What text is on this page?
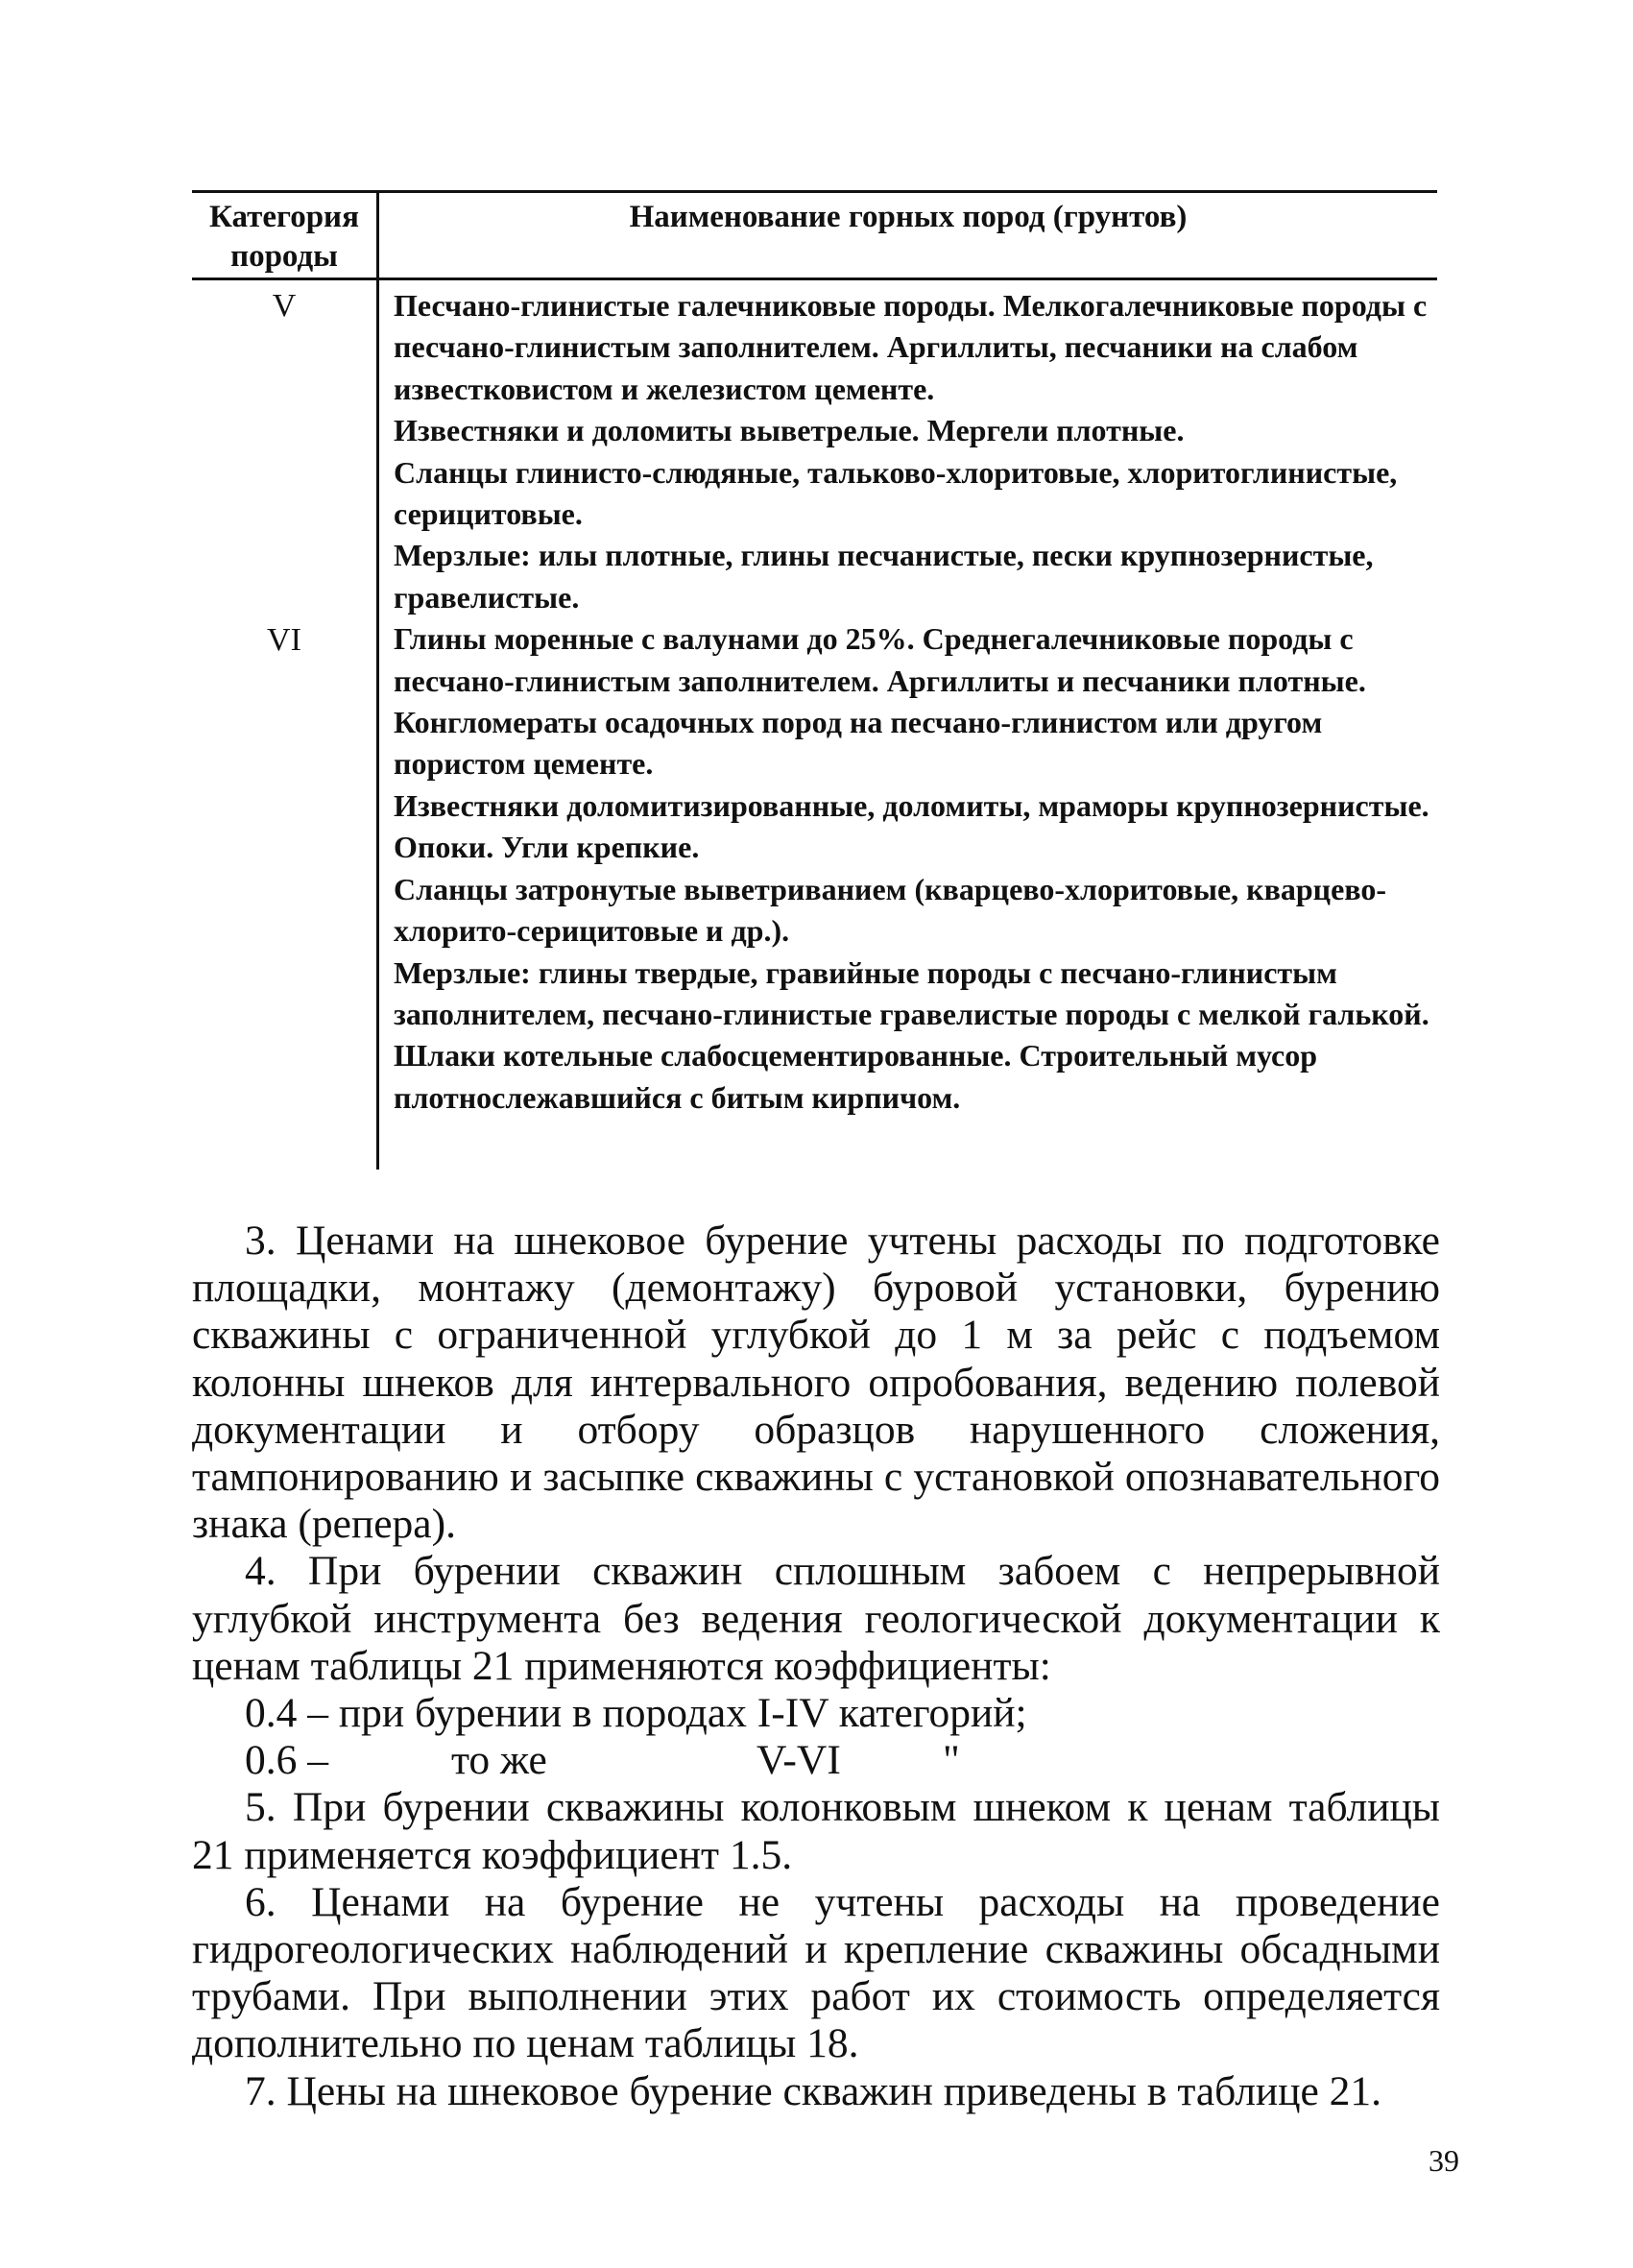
Категория породы
Наименование горных пород (грунтов)
V
VI
Песчано-глинистые галечниковые породы. Мелкогалечниковые породы с песчано-глинистым заполнителем. Аргиллиты, песчаники на слабом известковистом и железистом цементе.
Известняки и доломиты выветрелые. Мергели плотные.
Сланцы глинисто-слюдяные, тальково-хлоритовые, хлоритоглинистые, серицитовые.
Мерзлые: илы плотные, глины песчанистые, пески крупнозернистые, гравелистые.
Глины моренные с валунами до 25%. Среднегалечниковые породы с песчано-глинистым заполнителем. Аргиллиты и песчаники плотные. Конгломераты осадочных пород на песчано-глинистом или другом пористом цементе.
Известняки доломитизированные, доломиты, мраморы крупнозернистые. Опоки. Угли крепкие.
Сланцы затронутые выветриванием (кварцево-хлоритовые, кварцево-хлорито-серицитовые и др.).
Мерзлые: глины твердые, гравийные породы с песчано-глинистым заполнителем, песчано-глинистые гравелистые породы с мелкой галькой.
Шлаки котельные слабосцементированные. Строительный мусор плотнослежавшийся с битым кирпичом.

3. Ценами на шнековое бурение учтены расходы по подготовке площадки, монтажу (демонтажу) буровой установки, бурению скважины с ограниченной углубкой до 1 м за рейс с подъемом колонны шнеков для интервального опробования, ведению полевой документации и отбору образцов нарушенного сложения, тампонированию и засыпке скважины с установкой опознавательного знака (репера).

4. При бурении скважин сплошным забоем с непрерывной углубкой инструмента без ведения геологической документации к ценам таблицы 21 применяются коэффициенты:

0.4 – при бурении в породах I-IV категорий;
0.6 –	то же	V-VI "

5. При бурении скважины колонковым шнеком к ценам таблицы 21 применяется коэффициент 1.5.

6. Ценами на бурение не учтены расходы на проведение гидрогеологических наблюдений и крепление скважины обсадными трубами. При выполнении этих работ их стоимость определяется дополнительно по ценам таблицы 18.

7. Цены на шнековое бурение скважин приведены в таблице 21.

39
